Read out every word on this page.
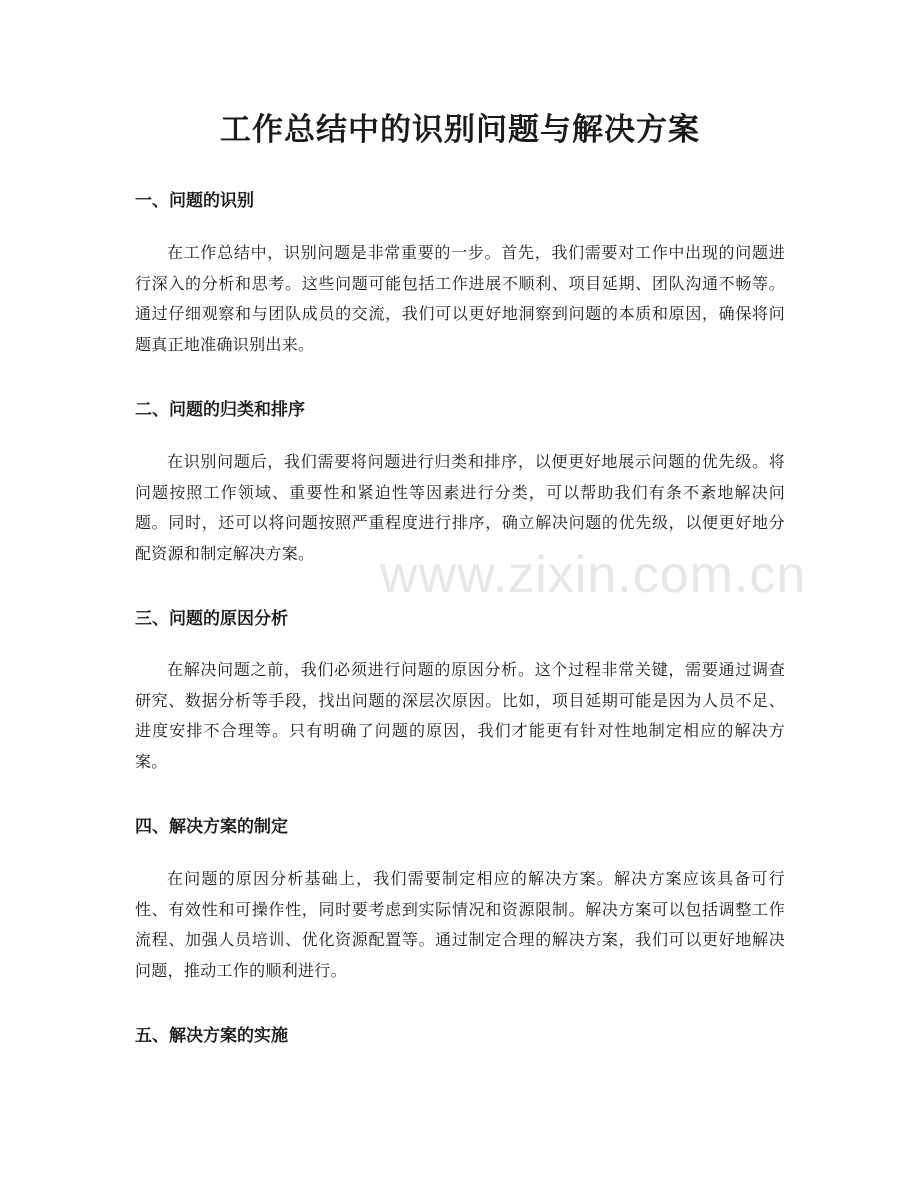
工作总结中的识别问题与解决方案
一、问题的识别

在工作总结中，识别问题是非常重要的一步。首先，我们需要对工作中出现的问题进行深入的分析和思考。这些问题可能包括工作进展不顺利、项目延期、团队沟通不畅等。通过仔细观察和与团队成员的交流，我们可以更好地洞察到问题的本质和原因，确保将问题真正地准确识别出来。

二、问题的归类和排序

在识别问题后，我们需要将问题进行归类和排序，以便更好地展示问题的优先级。将问题按照工作领域、重要性和紧迫性等因素进行分类，可以帮助我们有条不紊地解决问题。同时，还可以将问题按照严重程度进行排序，确立解决问题的优先级，以便更好地分配资源和制定解决方案。

三、问题的原因分析

在解决问题之前，我们必须进行问题的原因分析。这个过程非常关键，需要通过调查研究、数据分析等手段，找出问题的深层次原因。比如，项目延期可能是因为人员不足、进度安排不合理等。只有明确了问题的原因，我们才能更有针对性地制定相应的解决方案。

四、解决方案的制定

在问题的原因分析基础上，我们需要制定相应的解决方案。解决方案应该具备可行性、有效性和可操作性，同时要考虑到实际情况和资源限制。解决方案可以包括调整工作流程、加强人员培训、优化资源配置等。通过制定合理的解决方案，我们可以更好地解决问题，推动工作的顺利进行。

五、解决方案的实施
www.zixin.com.cn
